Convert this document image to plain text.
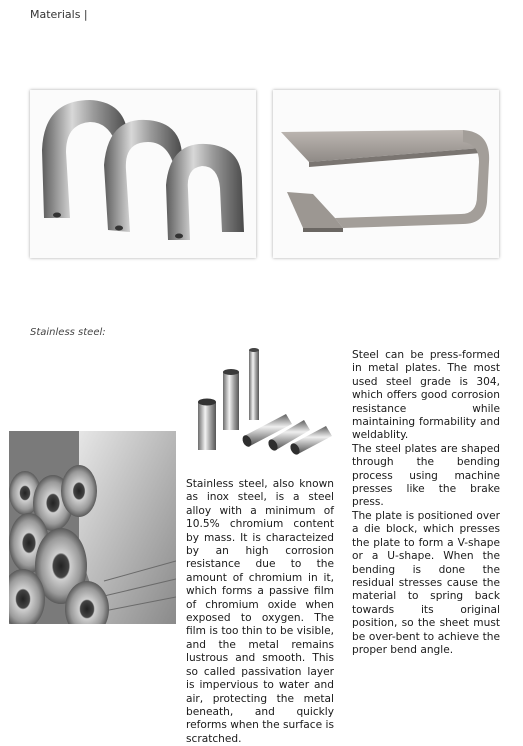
Materials |
Stainless steel:

Stainless steel, also known as inox steel, is a steel alloy with a minimum of 10.5% chromium content by mass. It is characteized by an high corrosion resistance due to the amount of chromium in it, which forms a passive film of chromium oxide when exposed to oxygen. The film is too thin to be visible, and the metal remains lustrous and smooth. This so called passivation layer is impervious to water and air, protecting the metal beneath, and quickly reforms when the surface is scratched.

Steel can be press-formed in metal plates. The most used steel grade is 304, which offers good corrosion resistance while maintaining formability and weldablity.

The steel plates are shaped through the bending process using machine presses like the brake press.

The plate is positioned over a die block, which presses the plate to form a V-shape or a U-shape. When the bending is done the residual stresses cause the material to spring back towards its original position, so the sheet must be over-bent to achieve the proper bend angle.
